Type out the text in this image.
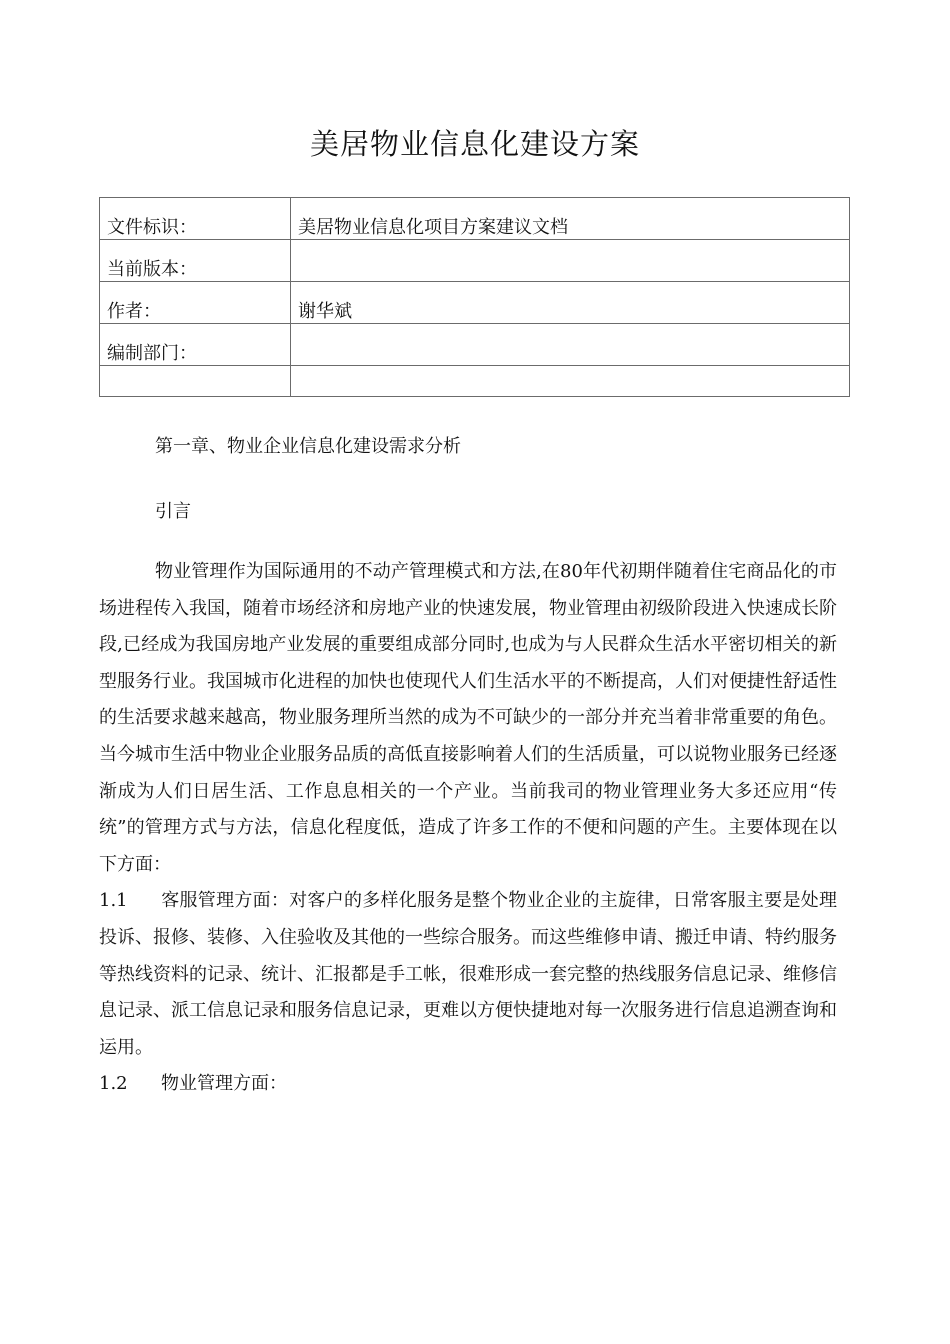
美居物业信息化建设方案
文件标识：	美居物业信息化项目方案建议文档
当前版本：	
作者：	谢华斌
编制部门：	

第一章、物业企业信息化建设需求分析
引言

物业管理作为国际通用的不动产管理模式和方法,在80年代初期伴随着住宅商品化的市场进程传入我国，随着市场经济和房地产业的快速发展，物业管理由初级阶段进入快速成长阶段,已经成为我国房地产业发展的重要组成部分同时,也成为与人民群众生活水平密切相关的新型服务行业。我国城市化进程的加快也使现代人们生活水平的不断提高，人们对便捷性舒适性的生活要求越来越高，物业服务理所当然的成为不可缺少的一部分并充当着非常重要的角色。当今城市生活中物业企业服务品质的高低直接影响着人们的生活质量，可以说物业服务已经逐渐成为人们日居生活、工作息息相关的一个产业。当前我司的物业管理业务大多还应用“传统”的管理方式与方法，信息化程度低，造成了许多工作的不便和问题的产生。主要体现在以下方面：

1.1 客服管理方面：对客户的多样化服务是整个物业企业的主旋律，日常客服主要是处理投诉、报修、装修、入住验收及其他的一些综合服务。而这些维修申请、搬迁申请、特约服务等热线资料的记录、统计、汇报都是手工帐，很难形成一套完整的热线服务信息记录、维修信息记录、派工信息记录和服务信息记录，更难以方便快捷地对每一次服务进行信息追溯查询和运用。

1.2 物业管理方面：
